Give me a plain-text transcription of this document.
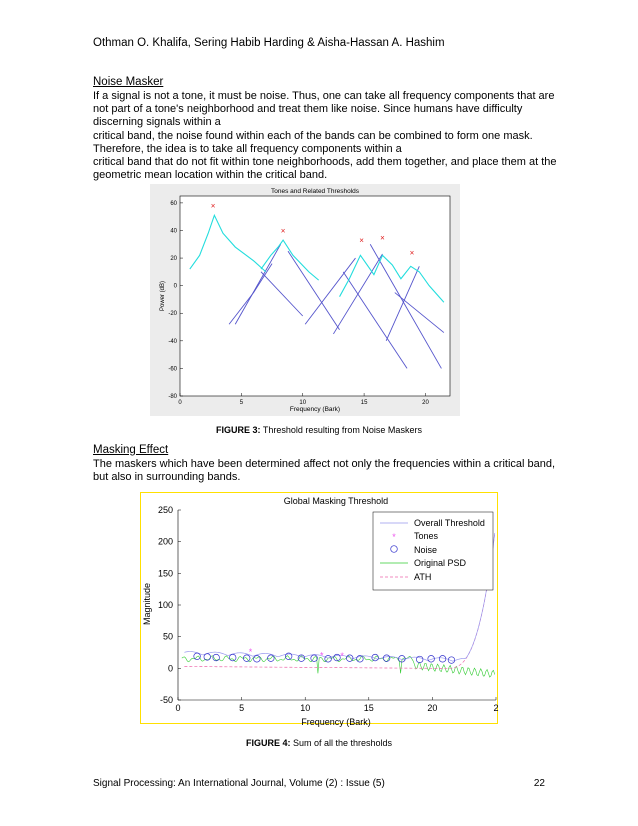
Othman O. Khalifa, Sering Habib Harding & Aisha-Hassan A. Hashim
Noise Masker
If a signal is not a tone, it must be noise. Thus, one can take all frequency components that are
not part of a tone's neighborhood and treat them like noise. Since humans have difficulty
discerning signals within a
critical band, the noise found within each of the bands can be combined to form one mask.
Therefore, the idea is to take all frequency components within a
critical band that do not fit within tone neighborhoods, add them together, and place them at the
geometric mean location within the critical band.
Tones and Related Thresholds
Frequency (Bark)
Power (dB)
0	5	10	15	20
60
40
20
0
-20
-40
-60
-80
×
×
× ×
×
FIGURE 3: Threshold resulting from Noise Maskers
Masking Effect
The maskers which have been determined affect not only the frequencies within a critical band,
but also in surrounding bands.
Global Masking Threshold
Frequency (Bark)
Magnitude
0	5	10	15	20	2
250
200
150
100
50
0
-50
*	* *
Overall Threshold
* Tones
Noise
Original PSD
ATH
FIGURE 4: Sum of all the thresholds
Signal Processing: An International Journal, Volume (2) : Issue (5)	22
